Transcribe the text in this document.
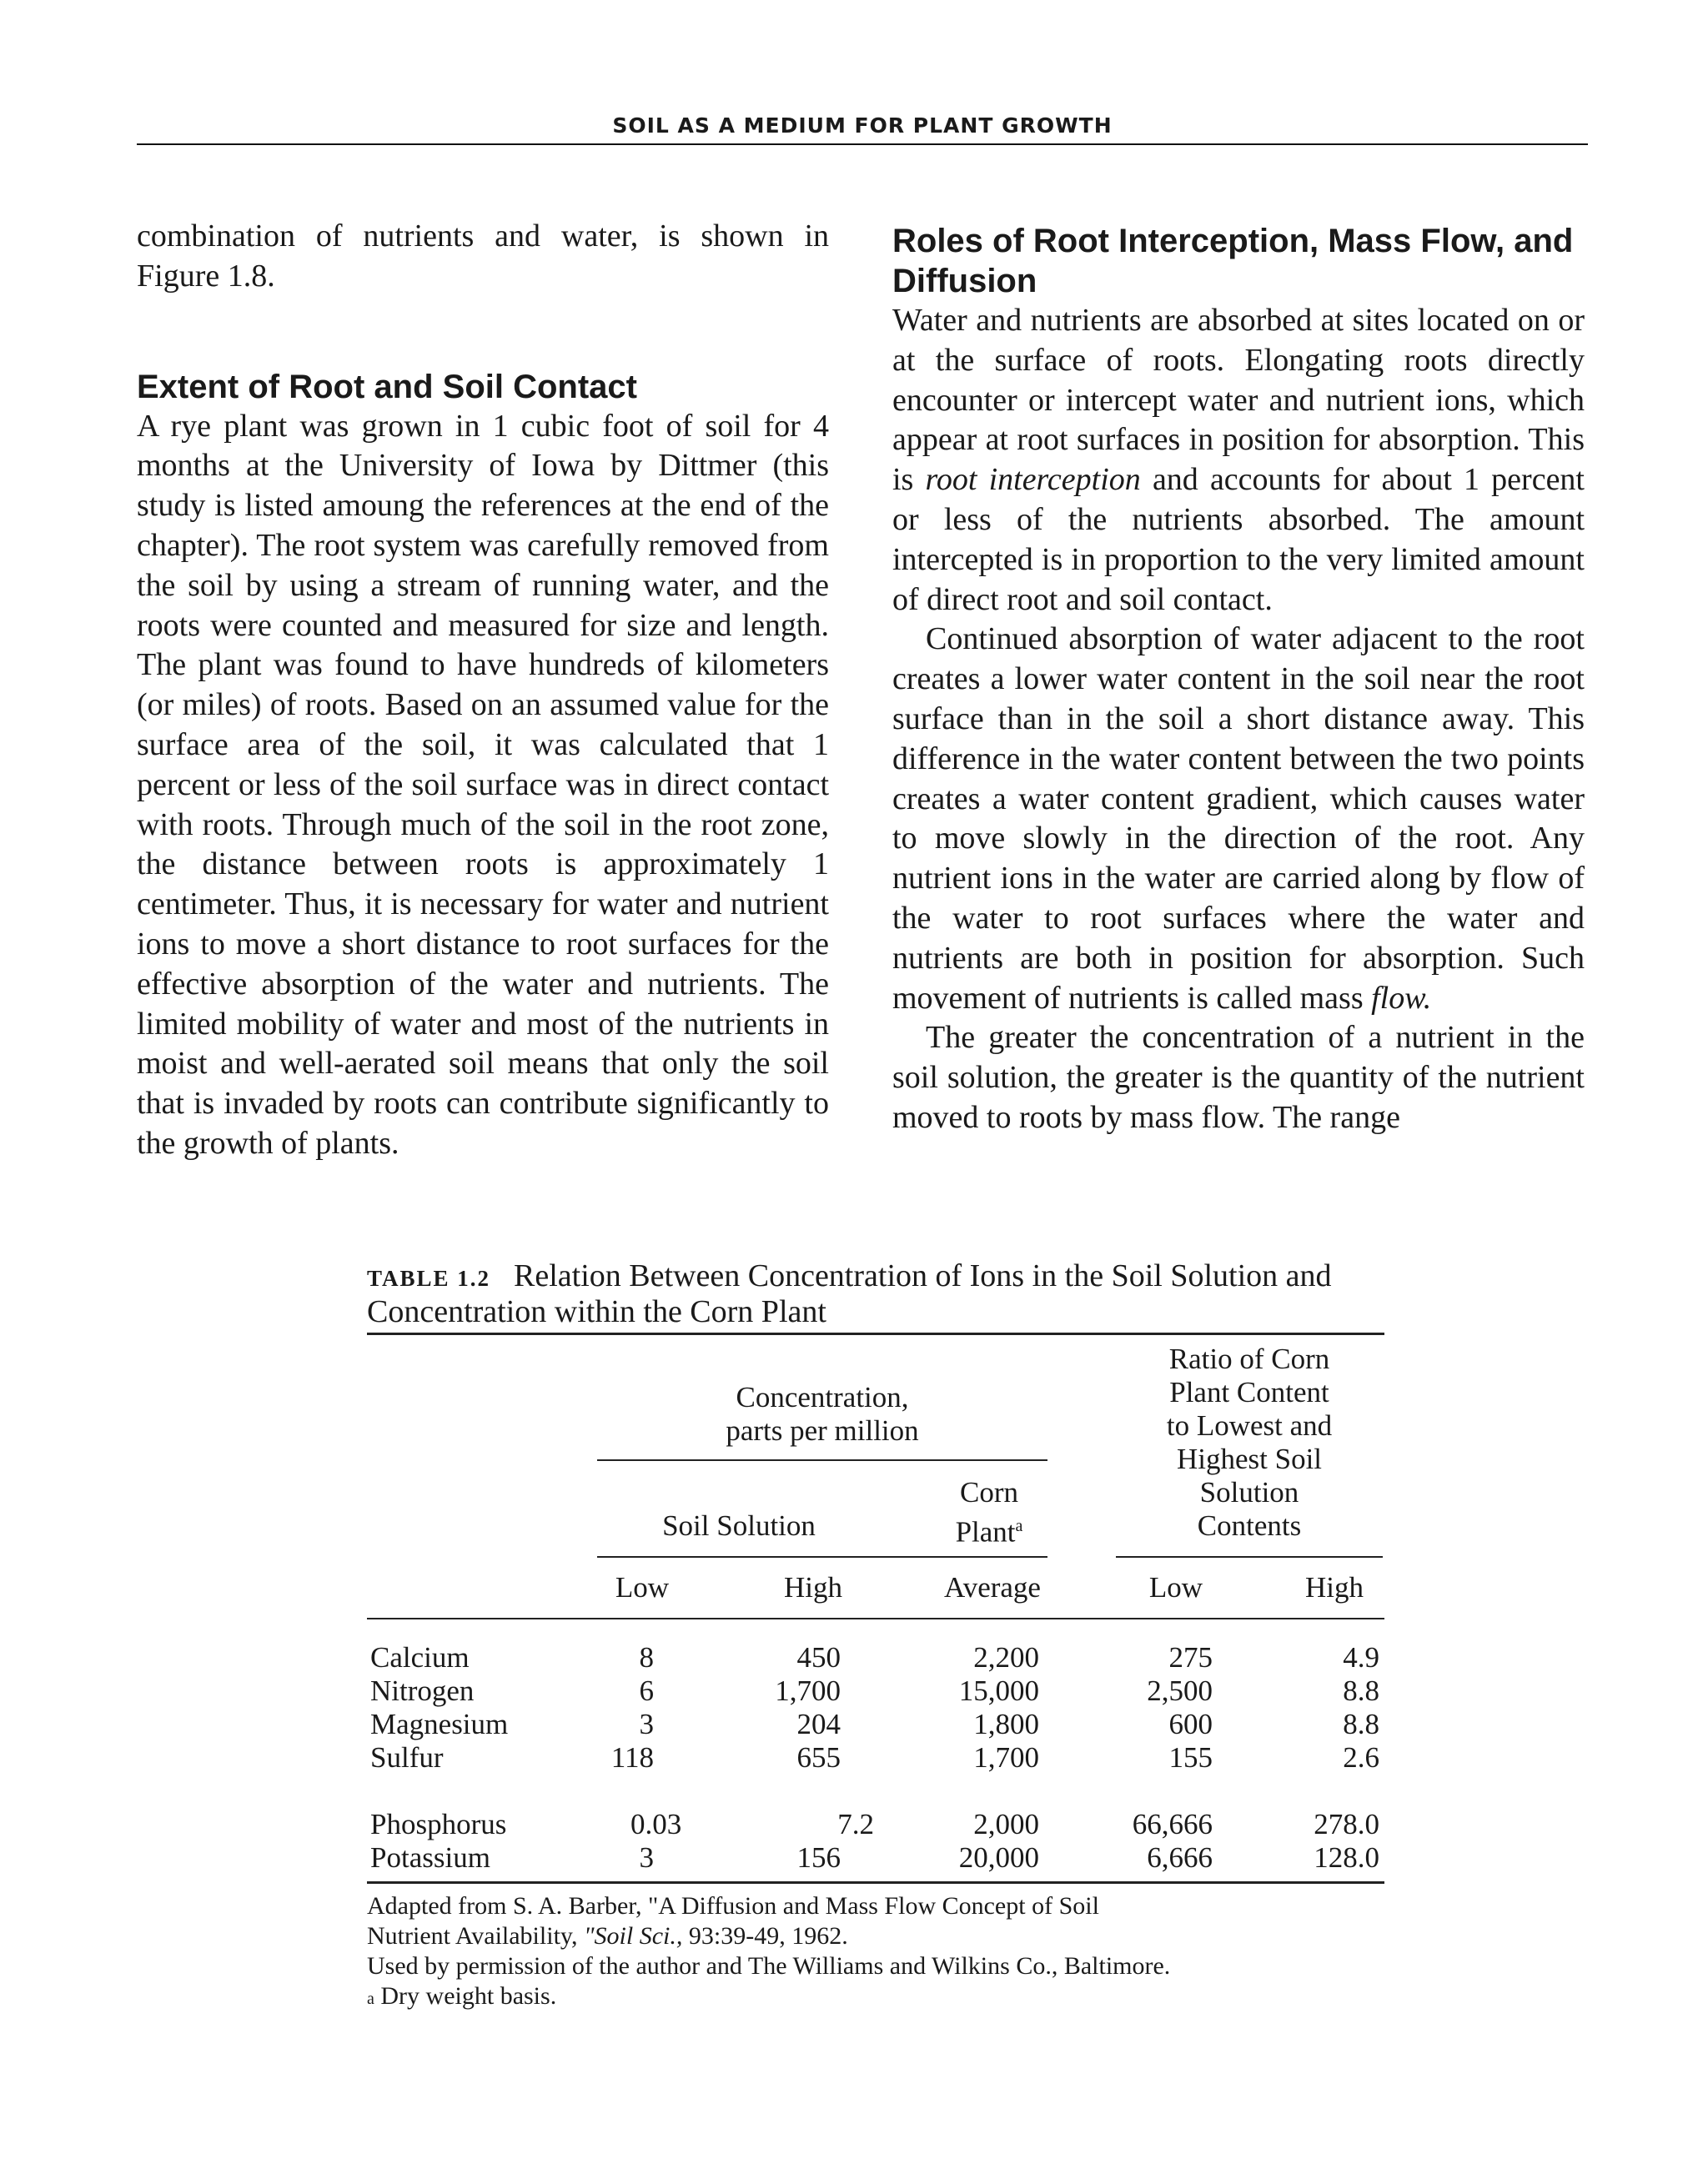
SOIL AS A MEDIUM FOR PLANT GROWTH

combination of nutrients and water, is shown in Figure 1.8.

Extent of Root and Soil Contact

A rye plant was grown in 1 cubic foot of soil for 4 months at the University of Iowa by Dittmer (this study is listed amoung the references at the end of the chapter). The root system was carefully removed from the soil by using a stream of running water, and the roots were counted and measured for size and length. The plant was found to have hundreds of kilometers (or miles) of roots. Based on an assumed value for the surface area of the soil, it was calculated that 1 percent or less of the soil surface was in direct contact with roots. Through much of the soil in the root zone, the distance between roots is approximately 1 centimeter. Thus, it is necessary for water and nutrient ions to move a short distance to root surfaces for the effective absorption of the water and nutrients. The limited mobility of water and most of the nutrients in moist and well-aerated soil means that only the soil that is invaded by roots can contribute significantly to the growth of plants.

Roles of Root Interception, Mass Flow, and Diffusion

Water and nutrients are absorbed at sites located on or at the surface of roots. Elongating roots directly encounter or intercept water and nutrient ions, which appear at root surfaces in position for absorption. This is root interception and accounts for about 1 percent or less of the nutrients absorbed. The amount intercepted is in proportion to the very limited amount of direct root and soil contact.

Continued absorption of water adjacent to the root creates a lower water content in the soil near the root surface than in the soil a short distance away. This difference in the water content between the two points creates a water content gradient, which causes water to move slowly in the direction of the root. Any nutrient ions in the water are carried along by flow of the water to root surfaces where the water and nutrients are both in position for absorption. Such movement of nutrients is called mass flow.

The greater the concentration of a nutrient in the soil solution, the greater is the quantity of the nutrient moved to roots by mass flow. The range

TABLE 1.2 Relation Between Concentration of Ions in the Soil Solution and Concentration within the Corn Plant
Concentration,
parts per million
Ratio of Corn
Plant Content
to Lowest and
Highest Soil
Solution
Contents
Soil Solution
Corn
Plant$^a$
Low	High	Average	Low	High
Calcium	8	450	2,200	275	4.9
Nitrogen	6	1,700	15,000	2,500	8.8
Magnesium	3	204	1,800	600	8.8
Sulfur	118	655	1,700	155	2.6
Phosphorus	0.03	7.2	2,000	66,666	278.0
Potassium	3	156	20,000	6,666	128.0

Adapted from S. A. Barber, "A Diffusion and Mass Flow Concept of Soil

Nutrient Availability, "Soil Sci., 93:39-49, 1962.

Used by permission of the author and The Williams and Wilkins Co., Baltimore.

a Dry weight basis.
